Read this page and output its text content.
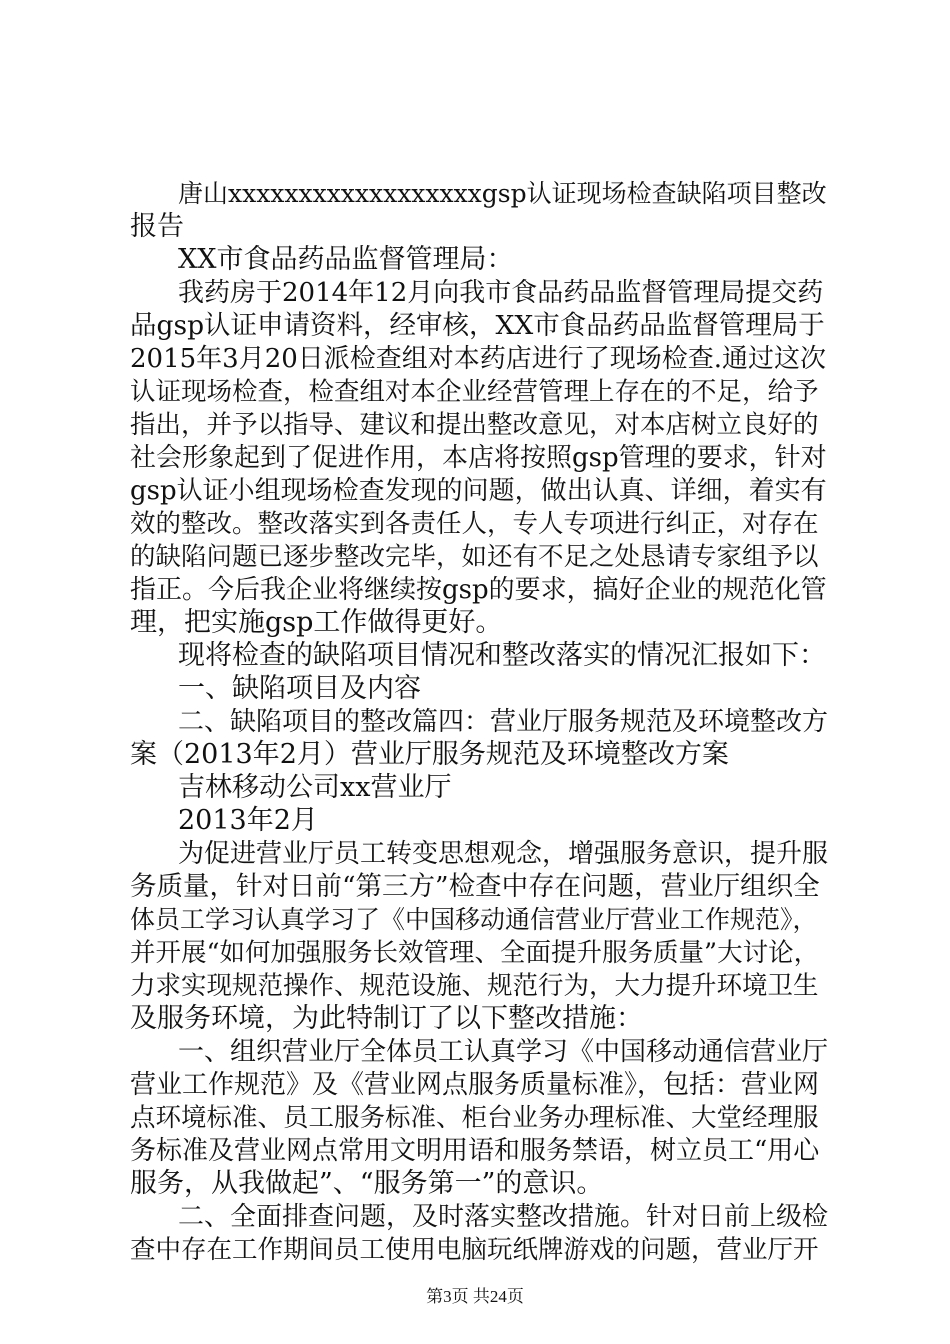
唐山xxxxxxxxxxxxxxxxxxgsp认证现场检查缺陷项目整改

报告

XX市食品药品监督管理局：

我药房于2014年12月向我市食品药品监督管理局提交药

品gsp认证申请资料，经审核，XX市食品药品监督管理局于

2015年3月20日派检查组对本药店进行了现场检查.通过这次

认证现场检查，检查组对本企业经营管理上存在的不足，给予

指出，并予以指导、建议和提出整改意见，对本店树立良好的

社会形象起到了促进作用，本店将按照gsp管理的要求，针对

gsp认证小组现场检查发现的问题，做出认真、详细，着实有

效的整改。整改落实到各责任人，专人专项进行纠正，对存在

的缺陷问题已逐步整改完毕，如还有不足之处恳请专家组予以

指正。今后我企业将继续按gsp的要求，搞好企业的规范化管

理，把实施gsp工作做得更好。

现将检查的缺陷项目情况和整改落实的情况汇报如下：

一、缺陷项目及内容

二、缺陷项目的整改篇四：营业厅服务规范及环境整改方

案（2013年2月）营业厅服务规范及环境整改方案

吉林移动公司xx营业厅

2013年2月

为促进营业厅员工转变思想观念，增强服务意识，提升服

务质量，针对日前“第三方”检查中存在问题，营业厅组织全

体员工学习认真学习了《中国移动通信营业厅营业工作规范》，

并开展“如何加强服务长效管理、全面提升服务质量”大讨论，

力求实现规范操作、规范设施、规范行为，大力提升环境卫生

及服务环境，为此特制订了以下整改措施：

一、组织营业厅全体员工认真学习《中国移动通信营业厅

营业工作规范》及《营业网点服务质量标准》，包括：营业网

点环境标准、员工服务标准、柜台业务办理标准、大堂经理服

务标准及营业网点常用文明用语和服务禁语，树立员工“用心

服务，从我做起”、“服务第一”的意识。

二、全面排查问题，及时落实整改措施。针对日前上级检

查中存在工作期间员工使用电脑玩纸牌游戏的问题，营业厅开

第3页 共24页
